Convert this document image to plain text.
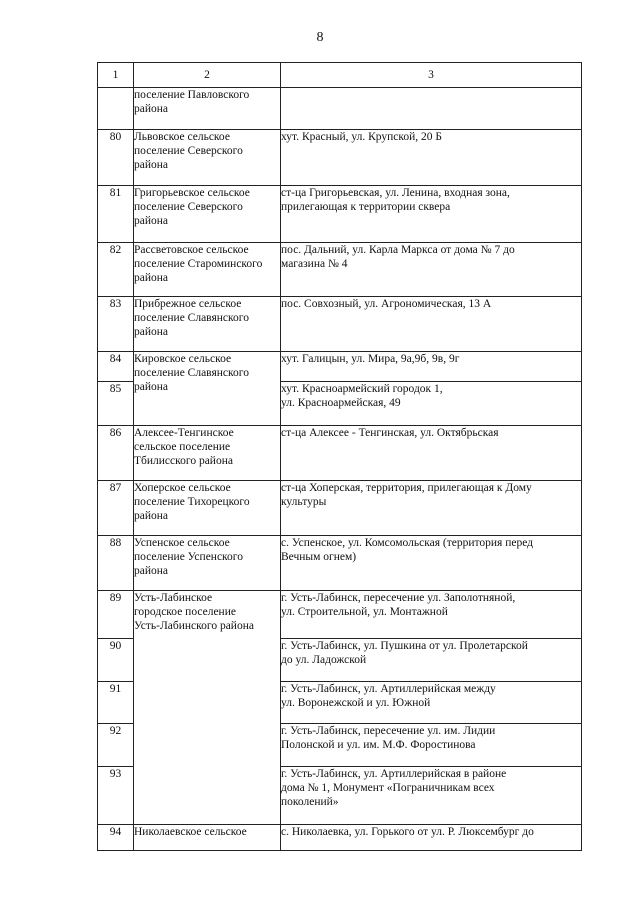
8
1	2	3
	поселение Павловского
района	
80	Львовское сельское
поселение Северского
района	хут. Красный, ул. Крупской, 20 Б
81	Григорьевское сельское
поселение Северского
района	ст-ца Григорьевская, ул. Ленина, входная зона,
прилегающая к территории сквера
82	Рассветовское сельское
поселение Староминского
района	пос. Дальний, ул. Карла Маркса от дома № 7 до
магазина № 4
83	Прибрежное сельское
поселение Славянского
района	пос. Совхозный, ул. Агрономическая, 13 А
84	Кировское сельское
поселение Славянского
района	хут. Галицын, ул. Мира, 9а,9б, 9в, 9г
85		хут. Красноармейский городок 1,
ул. Красноармейская, 49
86	Алексее-Тенгинское
сельское поселение
Тбилисского района	ст-ца Алексее - Тенгинская, ул. Октябрьская
87	Хоперское сельское
поселение Тихорецкого
района	ст-ца Хоперская, территория, прилегающая к Дому
культуры
88	Успенское сельское
поселение Успенского
района	с. Успенское, ул. Комсомольская (территория перед
Вечным огнем)
89	Усть-Лабинское
городское поселение
Усть-Лабинского района	г. Усть-Лабинск, пересечение ул. Заполотняной,
ул. Строительной, ул. Монтажной
90		г. Усть-Лабинск, ул. Пушкина от ул. Пролетарской
до ул. Ладожской
91		г. Усть-Лабинск, ул. Артиллерийская между
ул. Воронежской и ул. Южной
92		г. Усть-Лабинск, пересечение ул. им. Лидии
Полонской и ул. им. М.Ф. Форостинова
93		г. Усть-Лабинск, ул. Артиллерийская в районе
дома № 1, Монумент «Пограничникам всех
поколений»
94	Николаевское сельское	с. Николаевка, ул. Горького от ул. Р. Люксембург до
